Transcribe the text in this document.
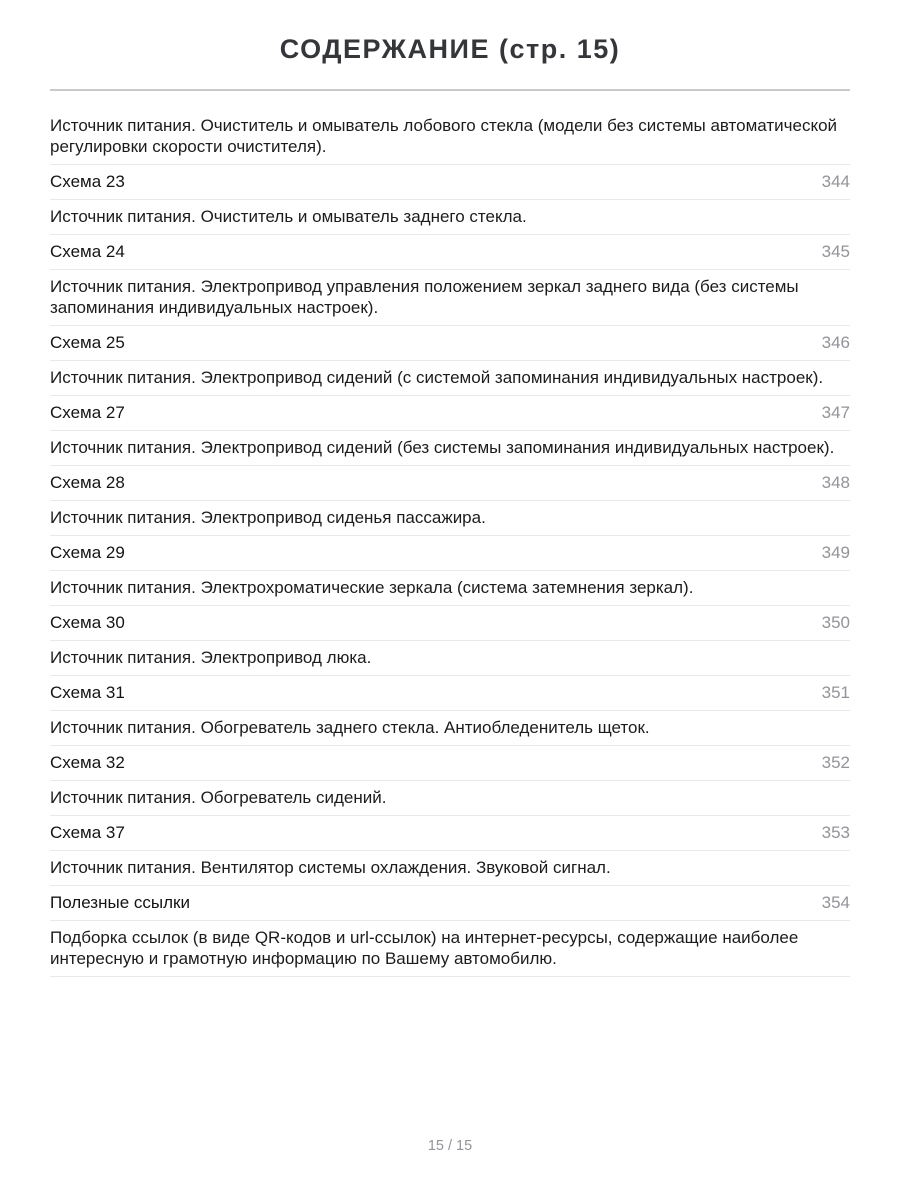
СОДЕРЖАНИЕ (стр. 15)

Источник питания. Очиститель и омыватель лобового стекла (модели без системы автоматической регулировки скорости очистителя).

Схема 23	344

Источник питания. Очиститель и омыватель заднего стекла.

Схема 24	345

Источник питания. Электропривод управления положением зеркал заднего вида (без системы запоминания индивидуальных настроек).

Схема 25	346

Источник питания. Электропривод сидений (с системой запоминания индивидуальных настроек).

Схема 27	347

Источник питания. Электропривод сидений (без системы запоминания индивидуальных настроек).

Схема 28	348

Источник питания. Электропривод сиденья пассажира.

Схема 29	349

Источник питания. Электрохроматические зеркала (система затемнения зеркал).

Схема 30	350

Источник питания. Электропривод люка.

Схема 31	351

Источник питания. Обогреватель заднего стекла. Антиобледенитель щеток.

Схема 32	352

Источник питания. Обогреватель сидений.

Схема 37	353

Источник питания. Вентилятор системы охлаждения. Звуковой сигнал.

Полезные ссылки	354

Подборка ссылок (в виде QR-кодов и url-ссылок) на интернет-ресурсы, содержащие наиболее интересную и грамотную информацию по Вашему автомобилю.

15 / 15
